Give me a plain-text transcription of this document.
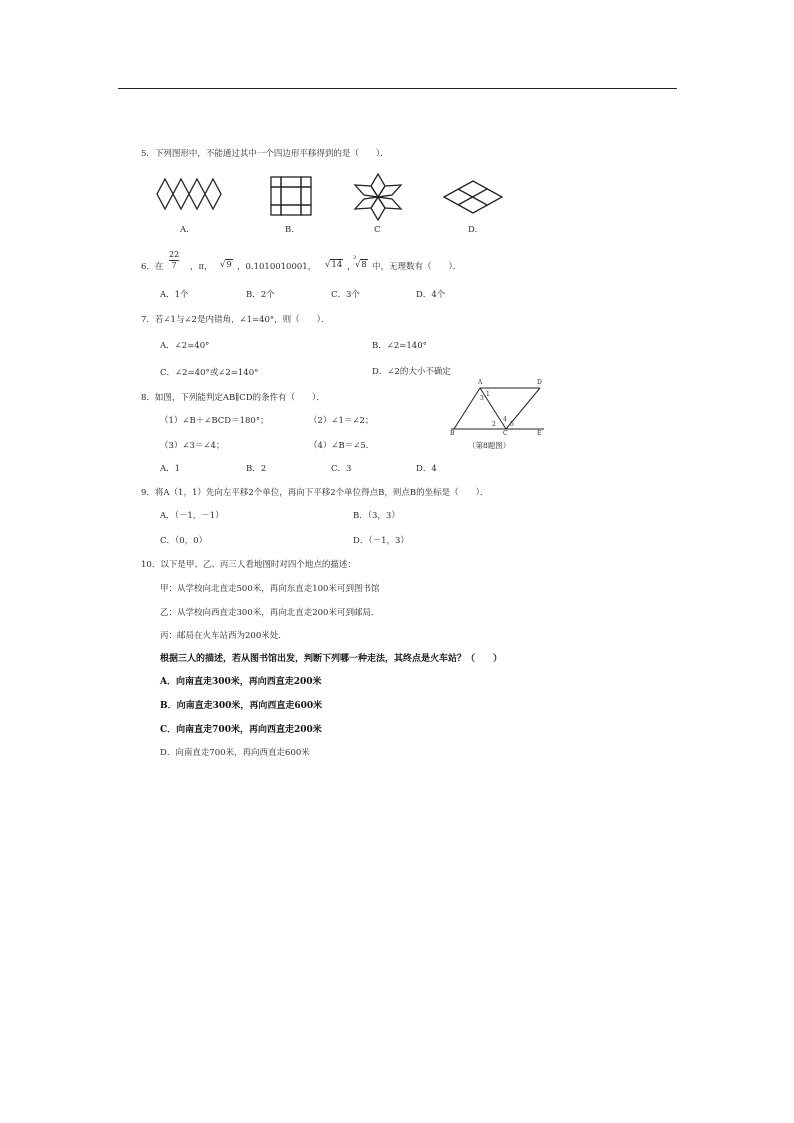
5．下列图形中，不能通过其中一个四边形平移得到的是（　　）．
A.	B.	C	D.
6．在
22
7 ，π， √9 ，0.1010010001， √14 ，
3
√8 中，无理数有（　　）．
A．1个	B．2个	C．3个	D．4个
7．若∠1与∠2是内错角，∠1=40°，则（　　）．
A．∠2=40°	B．∠2=140°
C．∠2=40°或∠2=140°	D．∠2的大小不确定
8．如图，下列能判定AB∥CD的条件有（　　）．
（1）∠B＋∠BCD＝180°；	（2）∠1＝∠2；
（3）∠3＝∠4；	（4）∠B＝∠5．
A．1	B．2	C．3	D．4
A	D
B	C	E
3
1
4
2 5
（第8题图）
9．将A（1，1）先向左平移2个单位，再向下平移2个单位得点B，则点B的坐标是（　　）．
A．（－1，－1）	B．（3，3）
C．（0，0）	D．（－1，3）
10．以下是甲、乙、丙三人看地图时对四个地点的描述：
甲：从学校向北直走500米，再向东直走100米可到图书馆
乙：从学校向西直走300米，再向北直走200米可到邮局．
丙：邮局在火车站西为200米处．
根据三人的描述，若从图书馆出发，判断下列哪一种走法，其终点是火车站？（　　）
A．向南直走300米，再向西直走200米
B．向南直走300米，再向西直走600米
C．向南直走700米，再向西直走200米
D．向南直走700米，再向西直走600米
